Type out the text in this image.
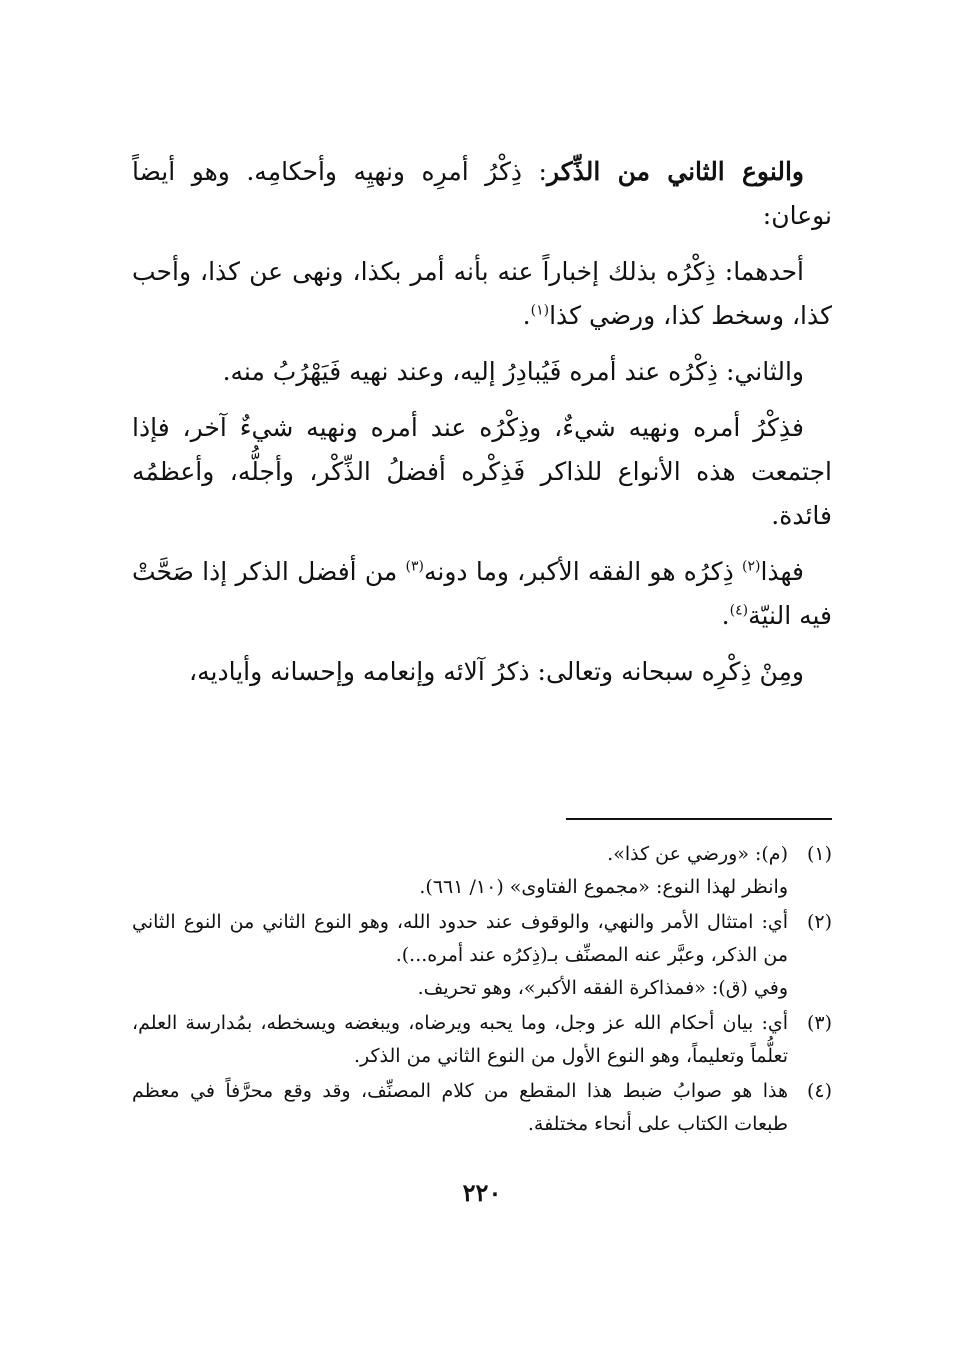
والنوع الثاني من الذِّكر: ذِكْرُ أمرِه ونهيِه وأحكامِه. وهو أيضاً نوعان:

أحدهما: ذِكْرُه بذلك إخباراً عنه بأنه أمر بكذا، ونهى عن كذا، وأحب كذا، وسخط كذا، ورضي كذا$^{(١)}$.

والثاني: ذِكْرُه عند أمره فَيُبادِرُ إليه، وعند نهيه فَيَهْرُبُ منه.

فذِكْرُ أمره ونهيه شيءٌ، وذِكْرُه عند أمره ونهيه شيءٌ آخر، فإذا اجتمعت هذه الأنواع للذاكر فَذِكْره أفضلُ الذِّكْر، وأجلُّه، وأعظمُه فائدة.

فهذا$^{(٢)}$ ذِكرُه هو الفقه الأكبر، وما دونه$^{(٣)}$ من أفضل الذكر إذا صَحَّتْ فيه النيّة$^{(٤)}$.

ومِنْ ذِكْرِه سبحانه وتعالى: ذكرُ آلائه وإنعامه وإحسانه وأياديه،

(١)
(م): «ورضي عن كذا».
وانظر لهذا النوع: «مجموع الفتاوى» (١٠/ ٦٦١).
(٢)
أي: امتثال الأمر والنهي، والوقوف عند حدود الله، وهو النوع الثاني من النوع الثاني من الذكر، وعبَّر عنه المصنِّف بـ(ذِكرُه عند أمره...).
وفي (ق): «فمذاكرة الفقه الأكبر»، وهو تحريف.
(٣)
أي: بيان أحكام الله عز وجل، وما يحبه ويرضاه، ويبغضه ويسخطه، بمُدارسة العلم، تعلُّماً وتعليماً، وهو النوع الأول من النوع الثاني من الذكر.
(٤)
هذا هو صوابُ ضبط هذا المقطع من كلام المصنِّف، وقد وقع محرَّفاً في معظم طبعات الكتاب على أنحاء مختلفة.
٢٢٠
